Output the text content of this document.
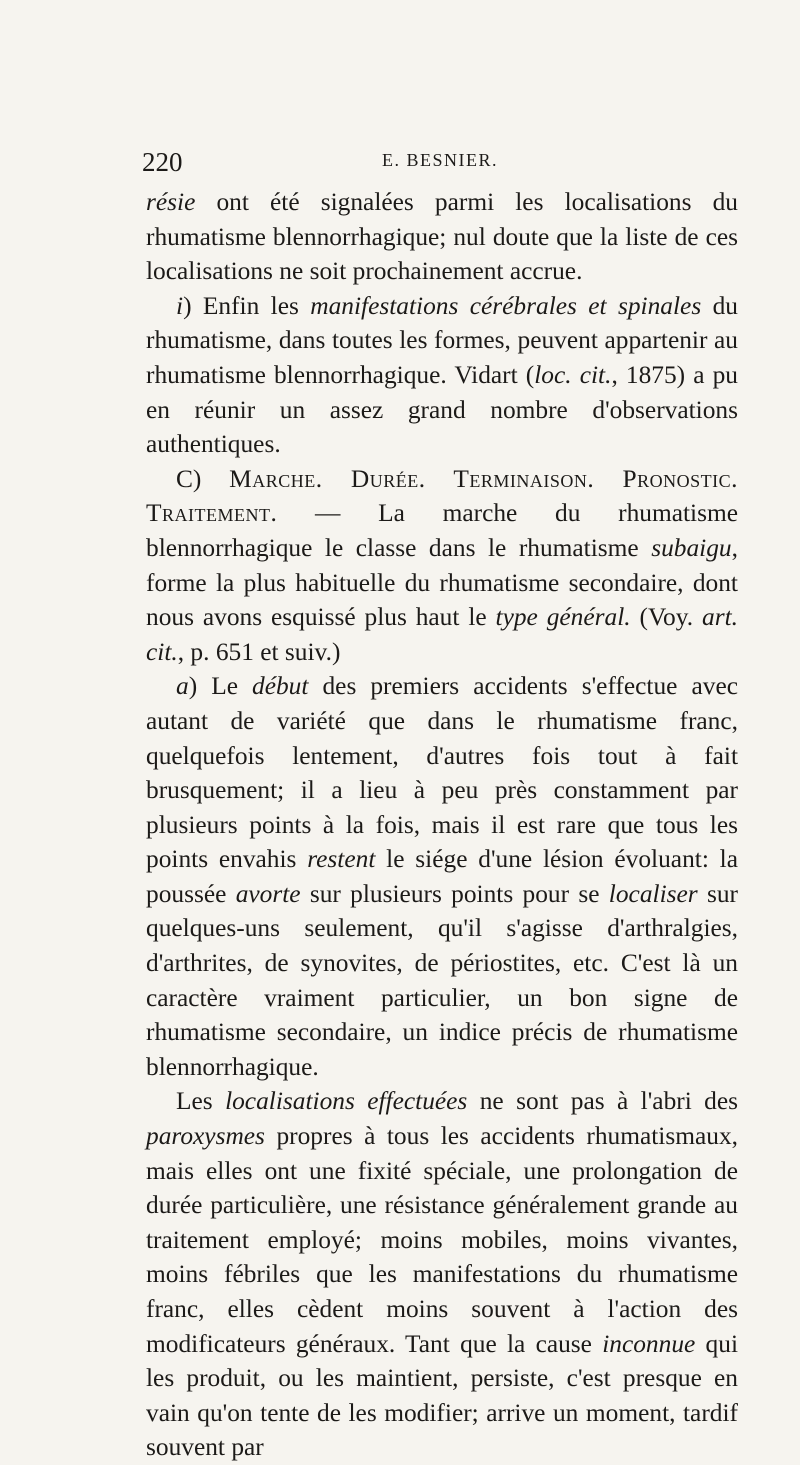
220	E. BESNIER.

résie ont été signalées parmi les localisations du rhumatisme blennorrhagique; nul doute que la liste de ces localisations ne soit prochainement accrue.

i) Enfin les manifestations cérébrales et spinales du rhumatisme, dans toutes les formes, peuvent appartenir au rhumatisme blennorrhagique. Vidart (loc. cit., 1875) a pu en réunir un assez grand nombre d'observations authentiques.

C) Marche. Durée. Terminaison. Pronostic. Traitement. — La marche du rhumatisme blennorrhagique le classe dans le rhumatisme subaigu, forme la plus habituelle du rhumatisme secondaire, dont nous avons esquissé plus haut le type général. (Voy. art. cit., p. 651 et suiv.)

a) Le début des premiers accidents s'effectue avec autant de variété que dans le rhumatisme franc, quelquefois lentement, d'autres fois tout à fait brusquement; il a lieu à peu près constamment par plusieurs points à la fois, mais il est rare que tous les points envahis restent le siége d'une lésion évoluant: la poussée avorte sur plusieurs points pour se localiser sur quelques-uns seulement, qu'il s'agisse d'arthralgies, d'arthrites, de synovites, de périostites, etc. C'est là un caractère vraiment particulier, un bon signe de rhumatisme secondaire, un indice précis de rhumatisme blennorrhagique.

Les localisations effectuées ne sont pas à l'abri des paroxysmes propres à tous les accidents rhumatismaux, mais elles ont une fixité spéciale, une prolongation de durée particulière, une résistance généralement grande au traitement employé; moins mobiles, moins vivantes, moins fébriles que les manifestations du rhumatisme franc, elles cèdent moins souvent à l'action des modificateurs généraux. Tant que la cause inconnue qui les produit, ou les maintient, persiste, c'est presque en vain qu'on tente de les modifier; arrive un moment, tardif souvent par
